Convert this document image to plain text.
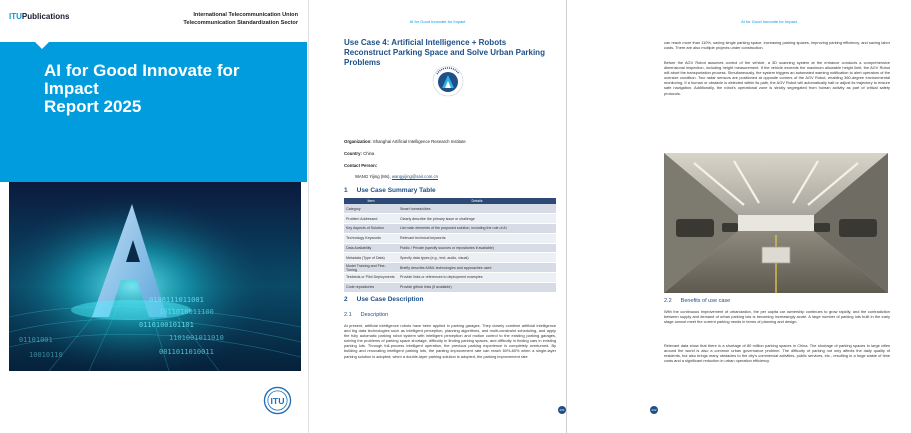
ITUPublications	International Telecommunication Union
Telecommunication Standardization Sector
AI for Good Innovate for
Impact
Report 2025
0100111011001
1011010011100
0110100101101
1101001011010
0011011010011
01101001
10010110
ITU
AI for Good Innovate for Impact
Use Case 4: Artificial Intelligence + Robots Reconstruct Parking Space and Solve Urban Parking Problems
Organization: Shanghai Artificial Intelligence Research Institute
Country: China
Contact Person:
WANG Yijing (Ms), wangyijing@sair.com.cn
1 Use Case Summary Table
Item	Details
Category	Smart homes/cities
Problem Addressed	Clearly describe the primary issue or challenge
Key Aspects of Solution	List main elements of the proposed solution, including the role of AI
Technology Keywords	Relevant technical keywords
Data Availability	Public / Private (specify sources or repositories if available)
Metadata (Type of Data)	Specify data types (e.g., text, audio, visual)
Model Training and Fine-Tuning	Briefly describe AI/ML technologies and approaches used
Testbeds or Pilot Deployments	Provide links or references to deployment examples
Code repositories	Provide github links (if available)
2 Use Case Description
2.1 Description
At present, artificial intelligence robots have been applied in parking garages. They closely combine artificial intelligence and big data technologies such as intelligent perception, planning algorithms, and multi-constraint scheduling, and apply the fully automatic parking robot system with intelligent perception and motion control to the existing parking garages, solving the problems of parking space shortage, difficulty in finding parking spaces, and difficulty in finding cars in existing parking lots. Through full-process intelligent operation, the previous parking experience is completely overturned. By building and renovating intelligent parking lots, the parking improvement rate can reach 60%-80% when a single-layer parking solution is adopted; when a double-layer parking solution is adopted, the parking improvement rate
231
AI for Good Innovate for Impact
can reach more than 110%, saving single parking space, increasing parking spaces, improving parking efficiency, and saving labor costs. There are also multiple projects under construction.
Before the AGV Robot assumes control of the vehicle, a 3D scanning system at the entrance conducts a comprehensive dimensional inspection, including height measurement. If the vehicle exceeds the maximum allowable height limit, the AGV Robot will abort the transportation process. Simultaneously, the system triggers an automated warning notification to alert operators of the oversize condition. Two radar sensors are positioned at opposite corners of the AGV Robot, enabling 360-degree environmental monitoring. If a human or obstacle is detected within its path, the AGV Robot will automatically halt or adjust its trajectory to ensure safe navigation. Additionally, the robot's operational zone is strictly segregated from human activity as part of critical safety protocols.
2.2 Benefits of use case
With the continuous improvement of urbanization, the per capita car ownership continues to grow rapidly, and the contradiction between supply and demand of urban parking lots is becoming increasingly acute. A large number of parking lots built in the early stage cannot meet the current parking needs in terms of planning and design.
Relevant data show that there is a shortage of 80 million parking spaces in China. The shortage of parking spaces in large cities around the world is also a common urban governance problem. The difficulty of parking not only affects the daily quality of residents, but also brings many obstacles to the city's commercial activities, public services, etc., resulting in a huge waste of time costs and a significant reduction in urban operation efficiency.
232
